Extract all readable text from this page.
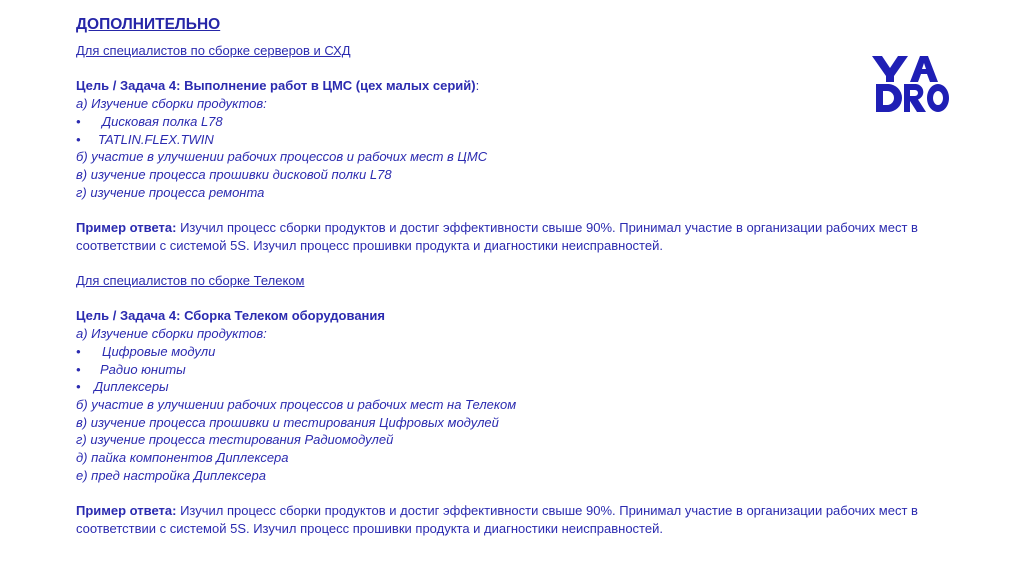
ДОПОЛНИТЕЛЬНО
Для специалистов по сборке серверов и СХД
Цель / Задача 4: Выполнение работ в ЦМС (цех малых серий):
а) Изучение сборки продуктов:
• Дисковая полка L78
• TATLIN.FLEX.TWIN
б) участие в улучшении рабочих процессов и рабочих мест в ЦМС
в) изучение процесса прошивки дисковой полки L78
г) изучение процесса ремонта
Пример ответа: Изучил процесс сборки продуктов и достиг эффективности свыше 90%. Принимал участие в организации рабочих мест в соответствии с системой 5S. Изучил процесс прошивки продукта и диагностики неисправностей.
Для специалистов по сборке Телеком
Цель / Задача 4: Сборка Телеком оборудования
а) Изучение сборки продуктов:
• Цифровые модули
• Радио юниты
• Диплексеры
б) участие в улучшении рабочих процессов и рабочих мест на Телеком
в) изучение процесса прошивки и тестирования Цифровых модулей
г) изучение процесса тестирования Радиомодулей
д) пайка компонентов Диплексера
е) пред настройка Диплексера
Пример ответа: Изучил процесс сборки продуктов и достиг эффективности свыше 90%. Принимал участие в организации рабочих мест в соответствии с системой 5S. Изучил процесс прошивки продукта и диагностики неисправностей.
